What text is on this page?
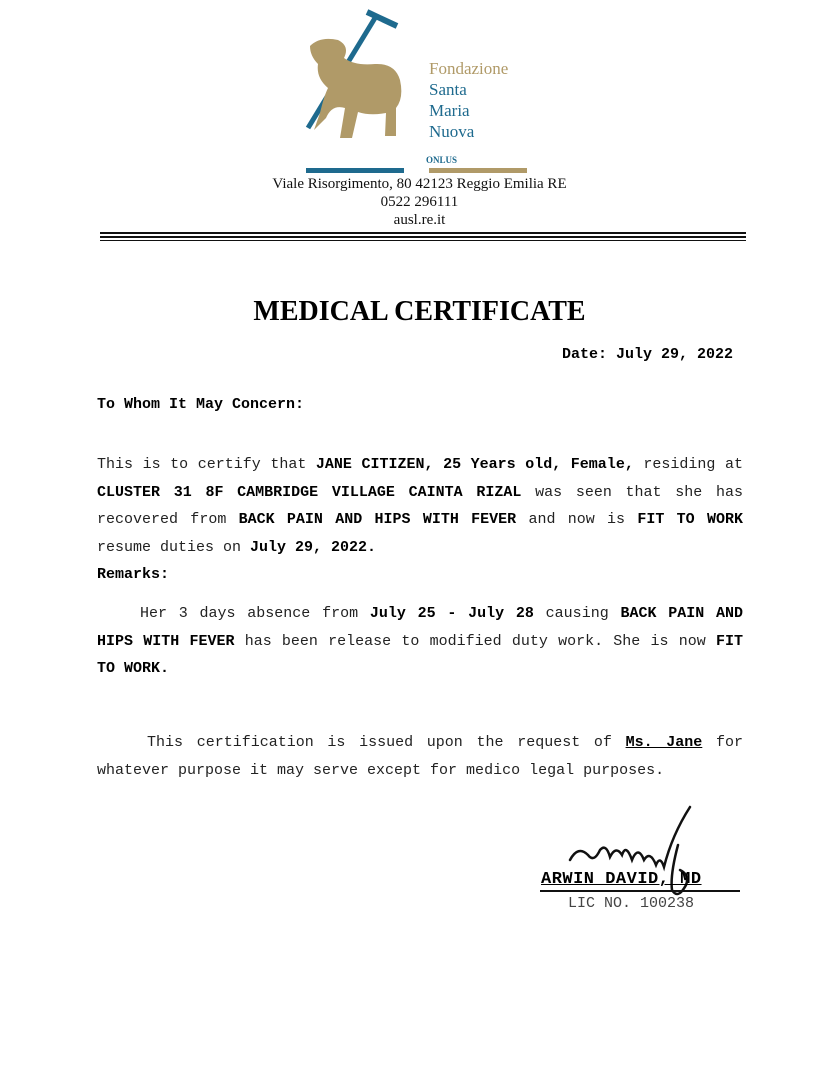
Fondazione
Santa
Maria
Nuova
ONLUS
Viale Risorgimento, 80 42123 Reggio Emilia RE
0522 296111
ausl.re.it
MEDICAL CERTIFICATE
Date: July 29, 2022
To Whom It May Concern:
This is to certify that JANE CITIZEN, 25 Years old, Female, residing at CLUSTER 31 8F CAMBRIDGE VILLAGE CAINTA RIZAL was seen that she has recovered from BACK PAIN AND HIPS WITH FEVER and now is FIT TO WORK resume duties on July 29, 2022.
Remarks:
Her 3 days absence from July 25 - July 28 causing BACK PAIN AND HIPS WITH FEVER has been release to modified duty work. She is now FIT TO WORK.
This certification is issued upon the request of Ms. Jane for whatever purpose it may serve except for medico legal purposes.
ARWIN DAVID, MD
LIC NO. 100238
